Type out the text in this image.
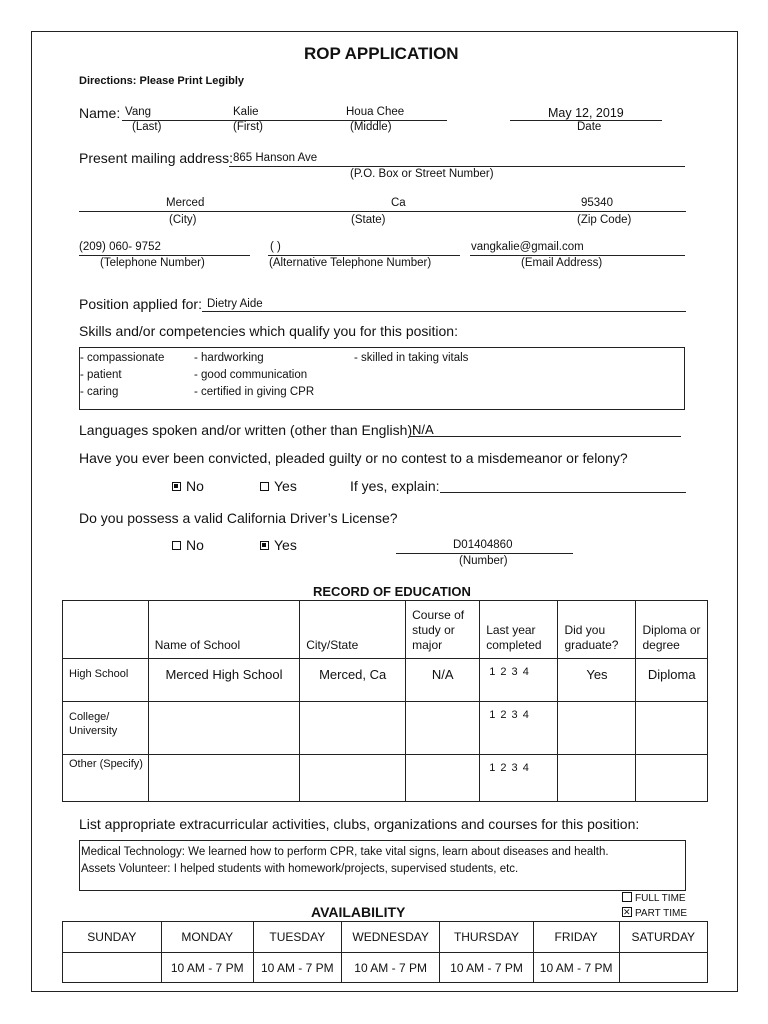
ROP APPLICATION
Directions: Please Print Legibly
Name: Vang	Kalie	Houa Chee	May 12, 2019
(Last)	(First)	(Middle)	Date
Present mailing address: 865 Hanson Ave
(P.O. Box or Street Number)
Merced	Ca	95340
(City)	(State)	(Zip Code)
(209) 060- 9752	( )	vangkalie@gmail.com
(Telephone Number)	(Alternative Telephone Number)	(Email Address)
Position applied for: Dietry Aide
Skills and/or competencies which qualify you for this position:
- compassionate
- patient
- caring
- hardworking
- good communication
- certified in giving CPR
- skilled in taking vitals
Languages spoken and/or written (other than English):
N/A
Have you ever been convicted, pleaded guilty or no contest to a misdemeanor or felony?
No	Yes	If yes, explain:
Do you possess a valid California Driver’s License?
No	Yes	D01404860
(Number)
RECORD OF EDUCATION
	Name of School	City/State	Course of study or major	Last year completed	Did you graduate?	Diploma or degree
High School	Merced High School	Merced, Ca	N/A	1 2 3 4	Yes	Diploma
College/ University				1 2 3 4		
Other (Specify)				1 2 3 4		
List appropriate extracurricular activities, clubs, organizations and courses for this position:
Medical Technology: We learned how to perform CPR, take vital signs, learn about diseases and health.
Assets Volunteer: I helped students with homework/projects, supervised students, etc.
FULL TIME
✕PART TIME
AVAILABILITY
SUNDAY	MONDAY	TUESDAY	WEDNESDAY	THURSDAY	FRIDAY	SATURDAY
	10 AM - 7 PM	10 AM - 7 PM	10 AM - 7 PM	10 AM - 7 PM	10 AM - 7 PM	
